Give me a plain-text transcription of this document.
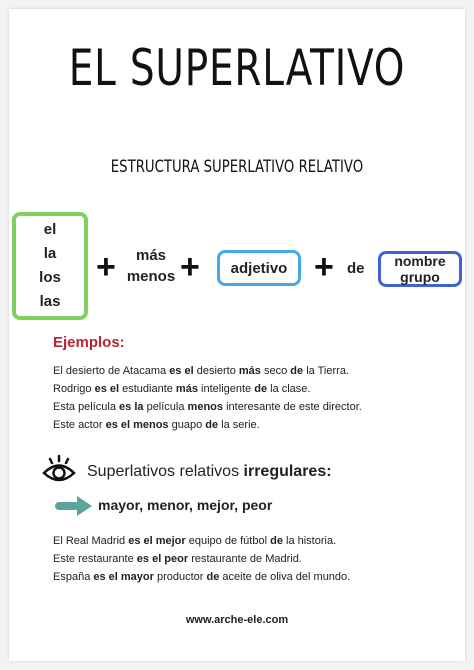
EL SUPERLATIVO
ESTRUCTURA SUPERLATIVO RELATIVO
el
la
los
las
+	más
menos + adjetivo + de nombre
grupo
Ejemplos:
El desierto de Atacama es el desierto más seco de la Tierra.
Rodrigo es el estudiante más inteligente de la clase.
Esta película es la película menos interesante de este director.
Este actor es el menos guapo de la serie.
Superlativos relativos irregulares:
mayor, menor, mejor, peor
El Real Madrid es el mejor equipo de fútbol de la historia.
Este restaurante es el peor restaurante de Madrid.
España es el mayor productor de aceite de oliva del mundo.
www.arche-ele.com
